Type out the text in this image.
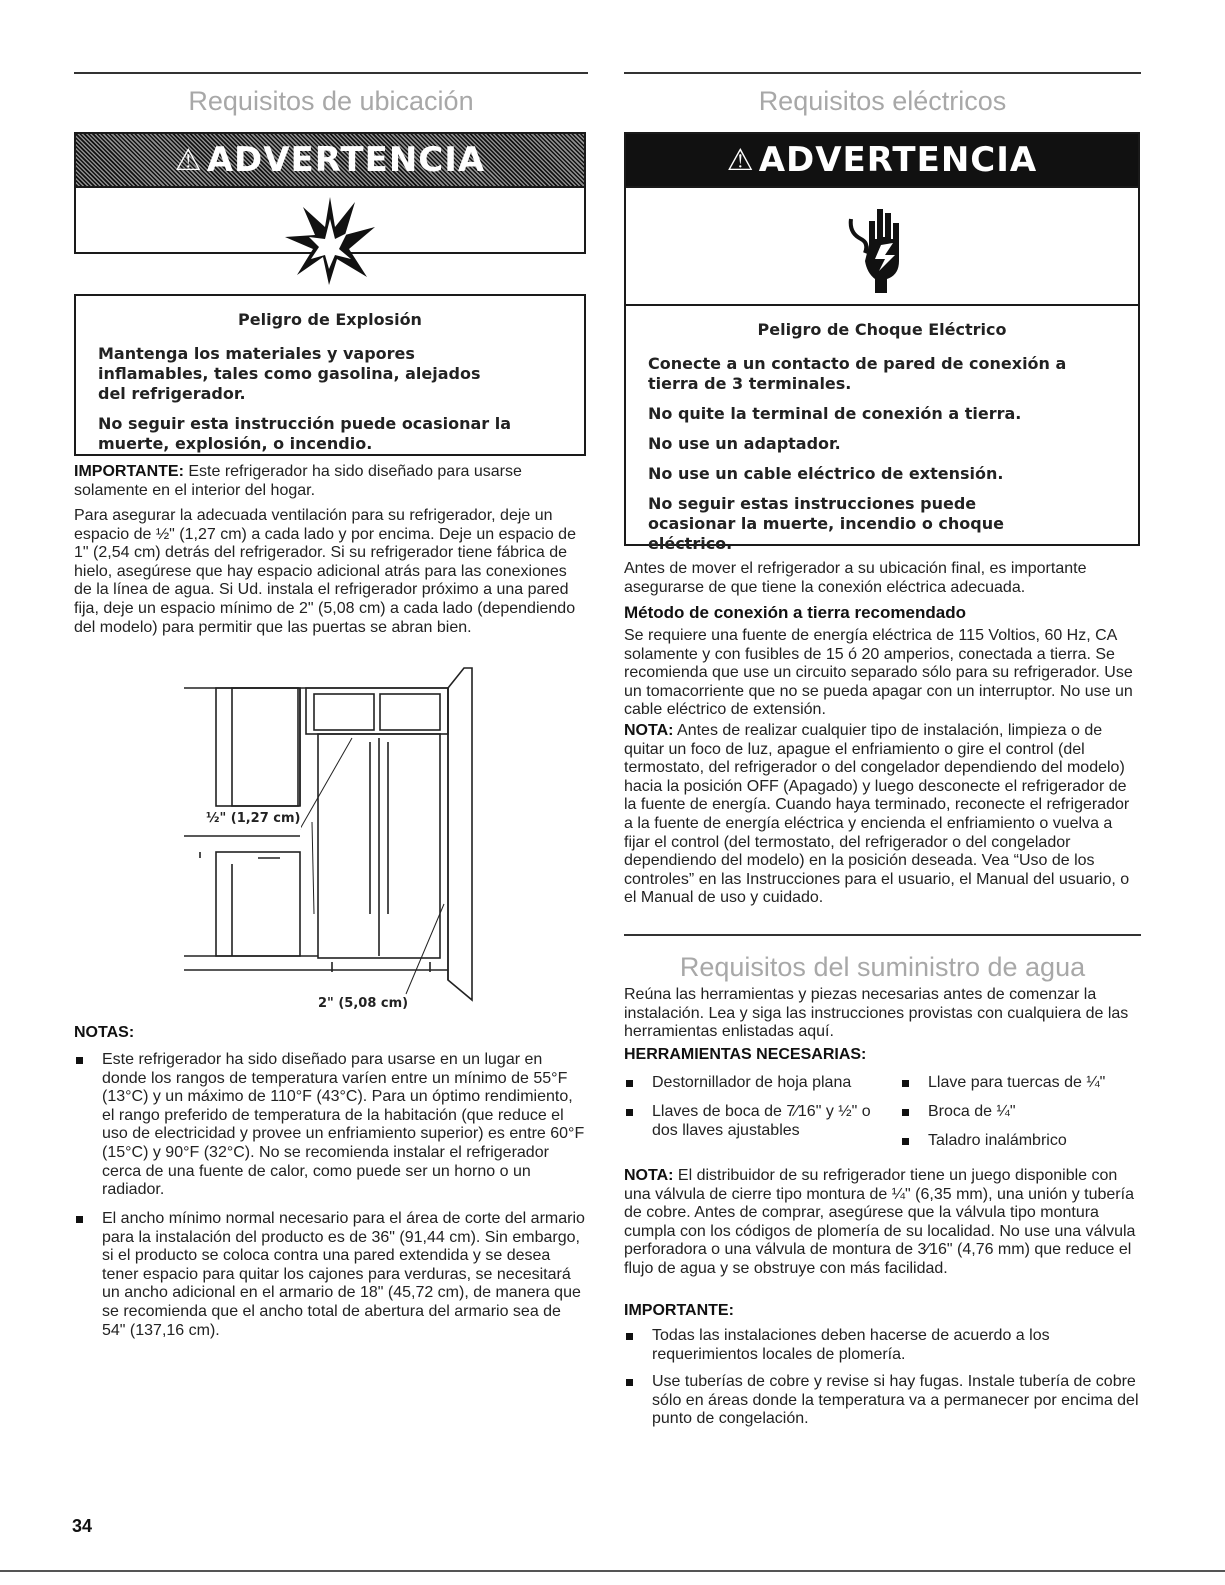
Requisitos de ubicación
⚠ ADVERTENCIA
Peligro de Explosión

Mantenga los materiales y vapores inflamables, tales como gasolina, alejados del refrigerador.

No seguir esta instrucción puede ocasionar la muerte, explosión, o incendio.

IMPORTANTE: Este refrigerador ha sido diseñado para usarse solamente en el interior del hogar.
Para asegurar la adecuada ventilación para su refrigerador, deje un espacio de ½" (1,27 cm) a cada lado y por encima. Deje un espacio de 1" (2,54 cm) detrás del refrigerador. Si su refrigerador tiene fábrica de hielo, asegúrese que hay espacio adicional atrás para las conexiones de la línea de agua. Si Ud. instala el refrigerador próximo a una pared fija, deje un espacio mínimo de 2" (5,08 cm) a cada lado (dependiendo del modelo) para permitir que las puertas se abran bien.
½" (1,27 cm)
2" (5,08 cm)
NOTAS:
Este refrigerador ha sido diseñado para usarse en un lugar en donde los rangos de temperatura varíen entre un mínimo de 55°F (13°C) y un máximo de 110°F (43°C). Para un óptimo rendimiento, el rango preferido de temperatura de la habitación (que reduce el uso de electricidad y provee un enfriamiento superior) es entre 60°F (15°C) y 90°F (32°C). No se recomienda instalar el refrigerador cerca de una fuente de calor, como puede ser un horno o un radiador.
El ancho mínimo normal necesario para el área de corte del armario para la instalación del producto es de 36" (91,44 cm). Sin embargo, si el producto se coloca contra una pared extendida y se desea tener espacio para quitar los cajones para verduras, se necesitará un ancho adicional en el armario de 18" (45,72 cm), de manera que se recomienda que el ancho total de abertura del armario sea de 54" (137,16 cm).
Requisitos eléctricos
⚠ ADVERTENCIA
Peligro de Choque Eléctrico

Conecte a un contacto de pared de conexión a tierra de 3 terminales.

No quite la terminal de conexión a tierra.

No use un adaptador.

No use un cable eléctrico de extensión.

No seguir estas instrucciones puede ocasionar la muerte, incendio o choque eléctrico.

Antes de mover el refrigerador a su ubicación final, es importante asegurarse de que tiene la conexión eléctrica adecuada.
Método de conexión a tierra recomendado
Se requiere una fuente de energía eléctrica de 115 Voltios, 60 Hz, CA solamente y con fusibles de 15 ó 20 amperios, conectada a tierra. Se recomienda que use un circuito separado sólo para su refrigerador. Use un tomacorriente que no se pueda apagar con un interruptor. No use un cable eléctrico de extensión.
NOTA: Antes de realizar cualquier tipo de instalación, limpieza o de quitar un foco de luz, apague el enfriamiento o gire el control (del termostato, del refrigerador o del congelador dependiendo del modelo) hacia la posición OFF (Apagado) y luego desconecte el refrigerador de la fuente de energía. Cuando haya terminado, reconecte el refrigerador a la fuente de energía eléctrica y encienda el enfriamiento o vuelva a fijar el control (del termostato, del refrigerador o del congelador dependiendo del modelo) en la posición deseada. Vea “Uso de los controles” en las Instrucciones para el usuario, el Manual del usuario, o el Manual de uso y cuidado.
Requisitos del suministro de agua
Reúna las herramientas y piezas necesarias antes de comenzar la instalación. Lea y siga las instrucciones provistas con cualquiera de las herramientas enlistadas aquí.
HERRAMIENTAS NECESARIAS:
Destornillador de hoja plana
Llaves de boca de 7⁄16" y ½" o dos llaves ajustables
Llave para tuercas de ¼"
Broca de ¼"
Taladro inalámbrico
NOTA: El distribuidor de su refrigerador tiene un juego disponible con una válvula de cierre tipo montura de ¼" (6,35 mm), una unión y tubería de cobre. Antes de comprar, asegúrese que la válvula tipo montura cumpla con los códigos de plomería de su localidad. No use una válvula perforadora o una válvula de montura de 3⁄16" (4,76 mm) que reduce el flujo de agua y se obstruye con más facilidad.
IMPORTANTE:
Todas las instalaciones deben hacerse de acuerdo a los requerimientos locales de plomería.
Use tuberías de cobre y revise si hay fugas. Instale tubería de cobre sólo en áreas donde la temperatura va a permanecer por encima del punto de congelación.
34
